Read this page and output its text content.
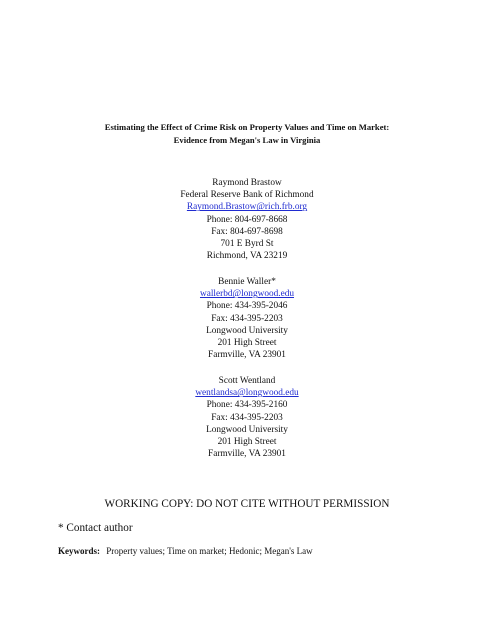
Estimating the Effect of Crime Risk on Property Values and Time on Market:
Evidence from Megan's Law in Virginia
Raymond Brastow
Federal Reserve Bank of Richmond
Raymond.Brastow@rich.frb.org
Phone: 804-697-8668
Fax: 804-697-8698
701 E Byrd St
Richmond, VA 23219
Bennie Waller*
wallerbd@longwood.edu
Phone: 434-395-2046
Fax: 434-395-2203
Longwood University
201 High Street
Farmville, VA 23901
Scott Wentland
wentlandsa@longwood.edu
Phone: 434-395-2160
Fax: 434-395-2203
Longwood University
201 High Street
Farmville, VA 23901
WORKING COPY: DO NOT CITE WITHOUT PERMISSION
* Contact author
Keywords: Property values; Time on market; Hedonic; Megan's Law
